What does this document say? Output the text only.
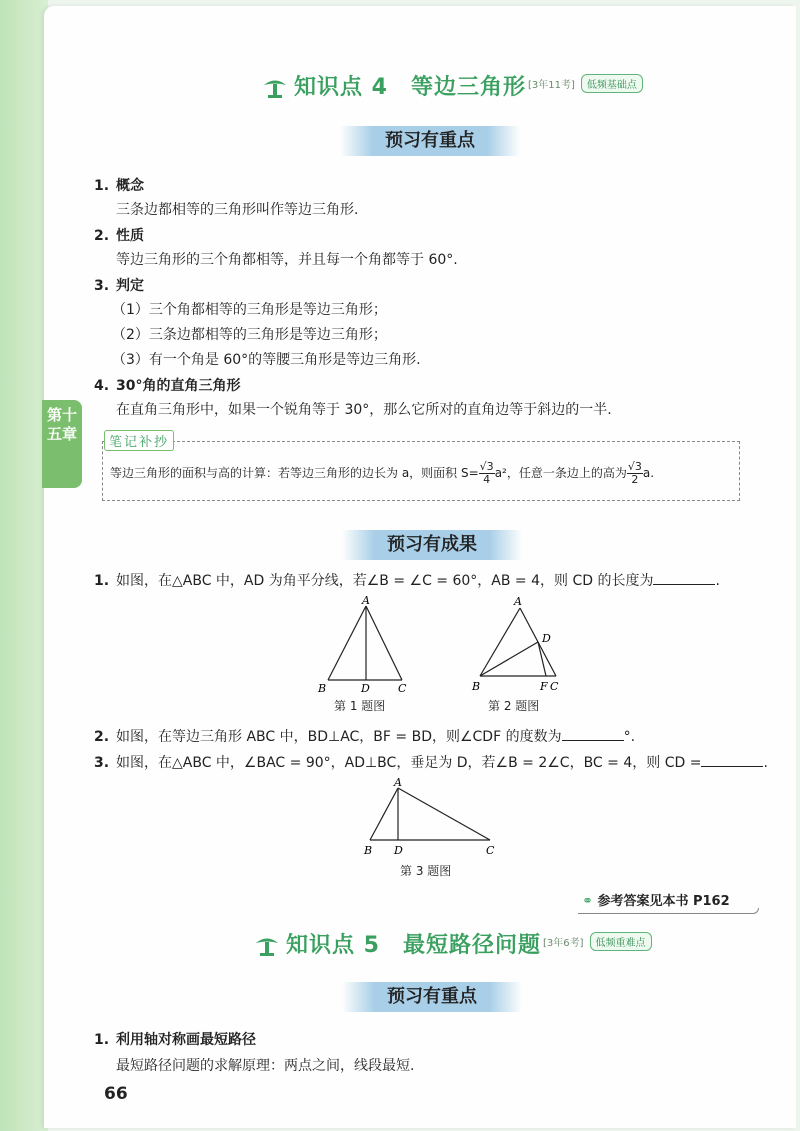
第十五章
知识点 4　等边三角形 [3年11考] 低频基础点
预习有重点
1. 概念
三条边都相等的三角形叫作等边三角形.
2. 性质
等边三角形的三个角都相等，并且每一个角都等于 60°.
3. 判定
（1）三个角都相等的三角形是等边三角形；
（2）三条边都相等的三角形是等边三角形；
（3）有一个角是 60°的等腰三角形是等边三角形.
4. 30°角的直角三角形
在直角三角形中，如果一个锐角等于 30°，那么它所对的直角边等于斜边的一半.
笔记补抄
等边三角形的面积与高的计算：若等边三角形的边长为 a，则面积 $S= \frac{√3}{4} a^2$，任意一条边上的高为 $\frac{√3}{2} a$.
预习有成果
1. 如图，在△ABC 中，AD 为角平分线，若∠B = ∠C = 60°，AB = 4，则 CD 的长度为	.
A
B	D	C
第 1 题图
A
D
B	F C
第 2 题图
2. 如图，在等边三角形 ABC 中，BD⊥AC，BF = BD，则∠CDF 的度数为	°.
3. 如图，在△ABC 中，∠BAC = 90°，AD⊥BC，垂足为 D，若∠B = 2∠C，BC = 4，则 CD =	.
A
B D	C
第 3 题图
⚭ 参考答案见本书 P162
知识点 5　最短路径问题 [3年6考] 低频重难点
预习有重点
1. 利用轴对称画最短路径
最短路径问题的求解原理：两点之间，线段最短.
66
